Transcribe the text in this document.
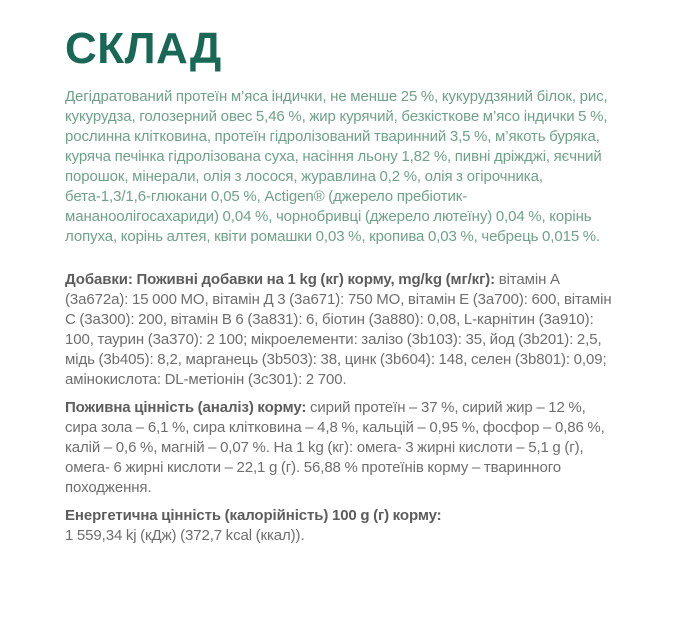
СКЛАД

Дегідратований протеїн м’яса індички, не менше 25 %, кукурудзяний білок, рис, кукурудза, голозерний овес 5,46 %, жир курячий, безкісткове м’ясо індички 5 %, рослинна клітковина, протеїн гідролізований тваринний 3,5 %, м’якоть буряка, куряча печінка гідролізована суха, насіння льону 1,82 %, пивні дріжджі, яєчний порошок, мінерали, олія з лосося, журавлина 0,2 %, олія з огірочника, бета-1,3/1,6-глюкани 0,05 %, Actigen® (джерело пребіотик-мананоолігосахариди) 0,04 %, чорнобривці (джерело лютеїну) 0,04 %, корінь лопуха, корінь алтея, квіти ромашки 0,03 %, кропива 0,03 %, чебрець 0,015 %.

Добавки: Поживні добавки на 1 kg (кг) корму, mg/kg (мг/кг): вітамін А (3a672a): 15 000 МО, вітамін Д 3 (3a671): 750 МО, вітамін Е (3a700): 600, вітамін С (3a300): 200, вітамін В 6 (3a831): 6, біотин (3a880): 0,08, L-карнітин (3a910): 100, таурин (3a370): 2 100; мікроелементи: залізо (3b103): 35, йод (3b201): 2,5, мідь (3b405): 8,2, марганець (3b503): 38, цинк (3b604): 148, селен (3b801): 0,09; амінокислота: DL-метіонін (3c301): 2 700.

Поживна цінність (аналіз) корму: сирий протеїн – 37 %, сирий жир – 12 %, сира зола – 6,1 %, сира клітковина – 4,8 %, кальцій – 0,95 %, фосфор – 0,86 %, калій – 0,6 %, магній – 0,07 %. На 1 kg (кг): омега- 3 жирні кислоти – 5,1 g (г), омега- 6 жирні кислоти – 22,1 g (г). 56,88 % протеїнів корму – тваринного походження.

Енергетична цінність (калорійність) 100 g (г) корму:
1 559,34 kj (кДж) (372,7 kcal (ккал)).
